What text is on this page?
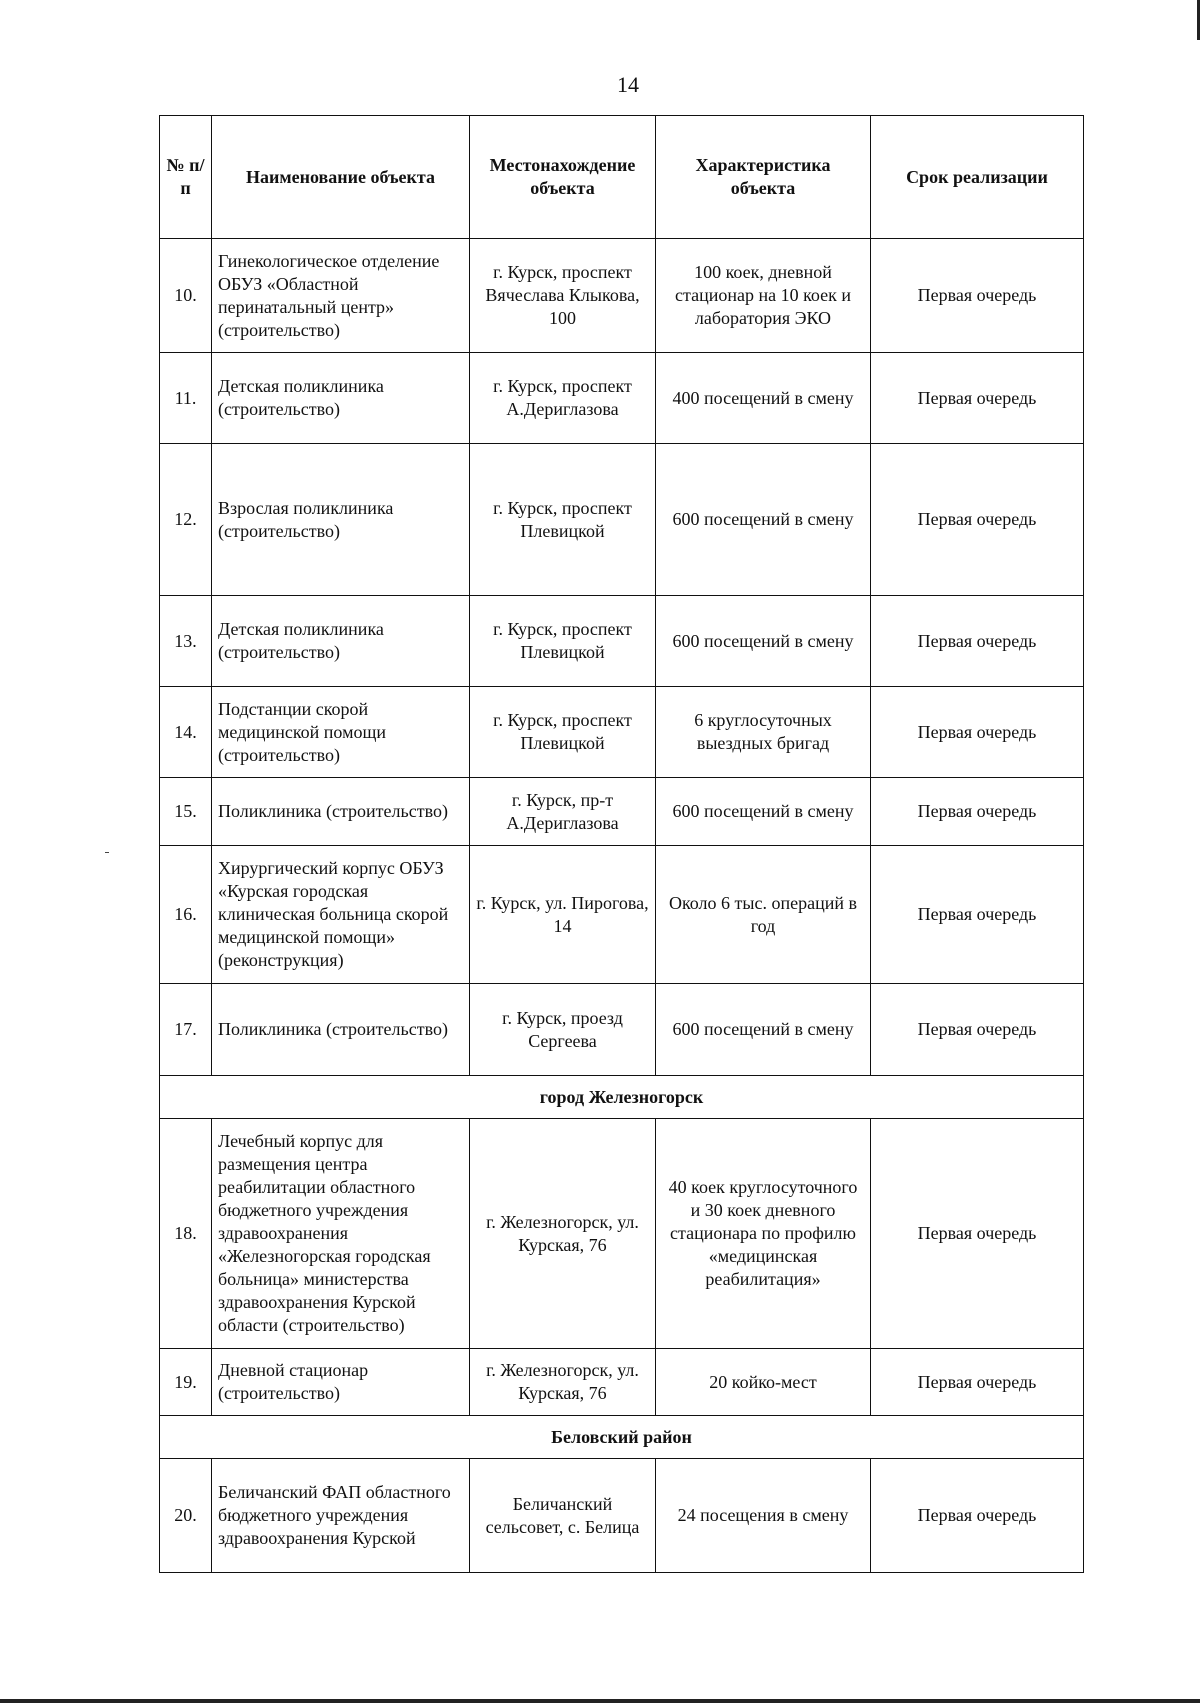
14
№ п/п	Наименование объекта	Местонахождение объекта	Характеристика объекта	Срок реализации
10.	Гинекологическое отделение ОБУЗ «Областной перинатальный центр» (строительство)	г. Курск, проспект Вячеслава Клыкова, 100	100 коек, дневной стационар на 10 коек и лаборатория ЭКО	Первая очередь
11.	Детская поликлиника (строительство)	г. Курск, проспект А.Дериглазова	400 посещений в смену	Первая очередь
12.	Взрослая поликлиника (строительство)	г. Курск, проспект Плевицкой	600 посещений в смену	Первая очередь
13.	Детская поликлиника (строительство)	г. Курск, проспект Плевицкой	600 посещений в смену	Первая очередь
14.	Подстанции скорой медицинской помощи (строительство)	г. Курск, проспект Плевицкой	6 круглосуточных выездных бригад	Первая очередь
15.	Поликлиника (строительство)	г. Курск, пр-т А.Дериглазова	600 посещений в смену	Первая очередь
16.	Хирургический корпус ОБУЗ «Курская городская клиническая больница скорой медицинской помощи» (реконструкция)	г. Курск, ул. Пирогова, 14	Около 6 тыс. операций в год	Первая очередь
17.	Поликлиника (строительство)	г. Курск, проезд Сергеева	600 посещений в смену	Первая очередь
город Железногорск				
18.	Лечебный корпус для размещения центра реабилитации областного бюджетного учреждения здравоохранения «Железногорская городская больница» министерства здравоохранения Курской области (строительство)	г. Железногорск, ул. Курская, 76	40 коек круглосуточного и 30 коек дневного стационара по профилю «медицинская реабилитация»	Первая очередь
19.	Дневной стационар (строительство)	г. Железногорск, ул. Курская, 76	20 койко-мест	Первая очередь
Беловский район				
20.	Беличанский ФАП областного бюджетного учреждения здравоохранения Курской	Беличанский сельсовет, с. Белица	24 посещения в смену	Первая очередь
